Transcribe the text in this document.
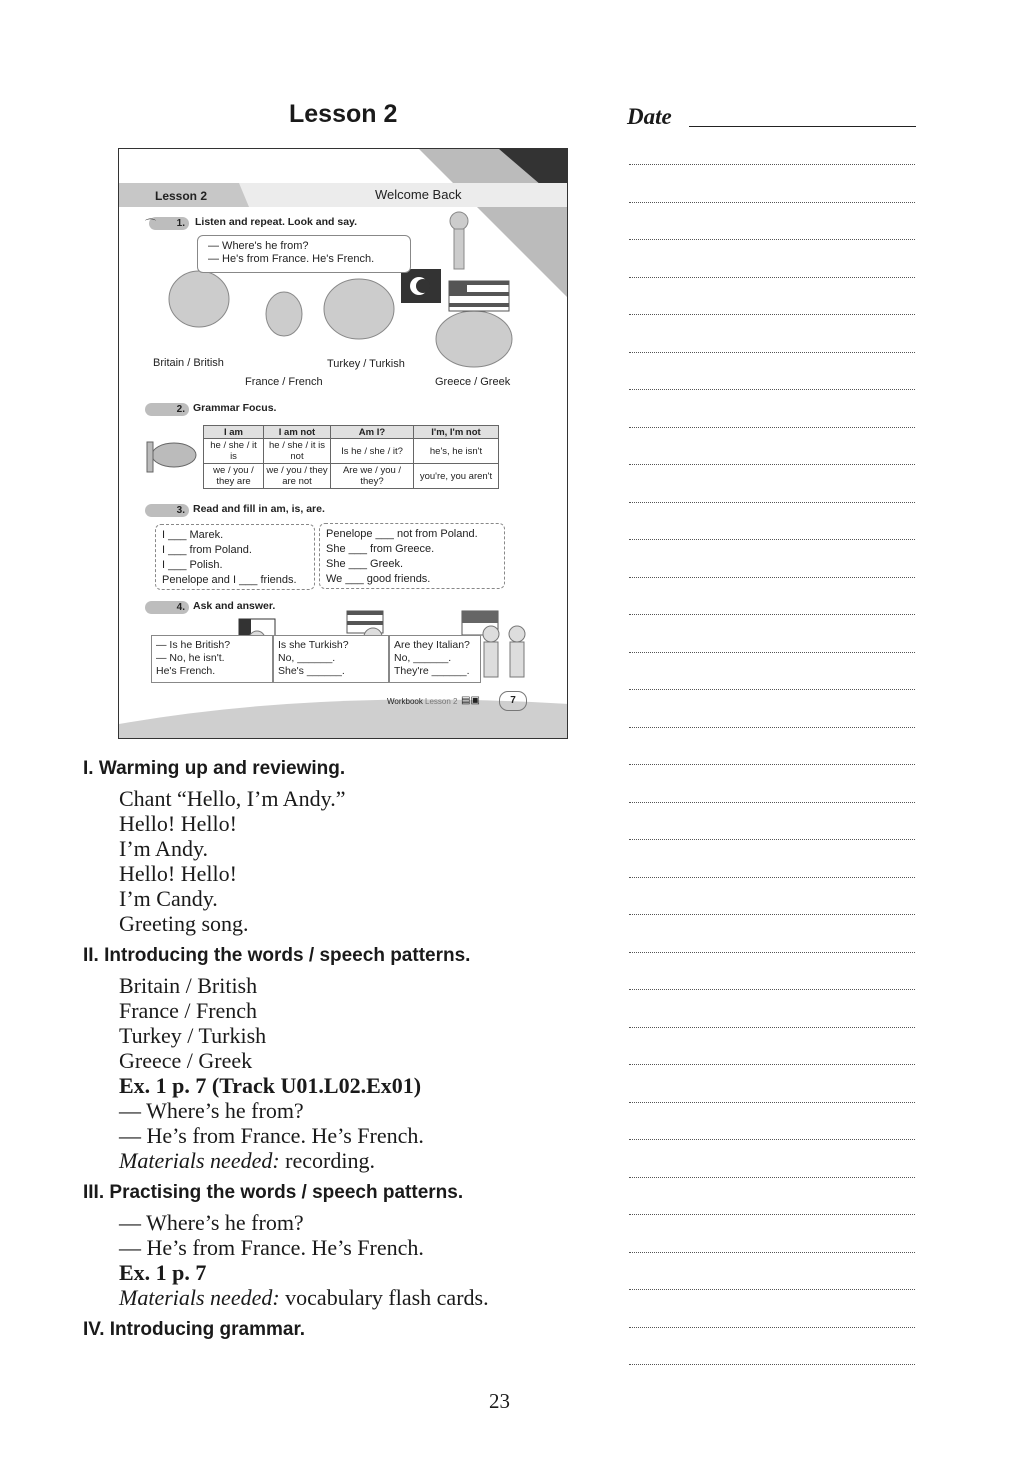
Lesson 2	Date
Lesson 2	Welcome Back
1.
⌒	Listen and repeat. Look and say.
— Where's he from?
— He's from France. He's French.
Britain / British
France / French
Turkey / Turkish
Greece / Greek
2. Grammar Focus.
I am	I am not	Am I?	I'm, I'm not
he / she / it is	he / she / it is not	Is he / she / it?	he's, he isn't
we / you / they are	we / you / they are not	Are we / you / they?	you're, you aren't
3. Read and fill in am, is, are.
I ___ Marek.
I ___ from Poland.
I ___ Polish.
Penelope and I ___ friends.
Penelope ___ not from Poland.
She ___ from Greece.
She ___ Greek.
We ___ good friends.
4. Ask and answer.
— Is he British?
— No, he isn't.
He's French.
Is she Turkish?
No, ______.
She's ______.
Are they Italian?
No, ______.
They're ______.
Workbook Lesson 2 ▤▣	7
I. Warming up and reviewing.
Chant “Hello, I’m Andy.”
Hello! Hello!
I’m Andy.
Hello! Hello!
I’m Candy.
Greeting song.
II. Introducing the words / speech patterns.
Britain / British
France / French
Turkey / Turkish
Greece / Greek
Ex. 1 p. 7 (Track U01.L02.Ex01)
— Where’s he from?
— He’s from France. He’s French.
Materials needed: recording.
III. Practising the words / speech patterns.
— Where’s he from?
— He’s from France. He’s French.
Ex. 1 p. 7
Materials needed: vocabulary flash cards.
IV. Introducing grammar.
23
